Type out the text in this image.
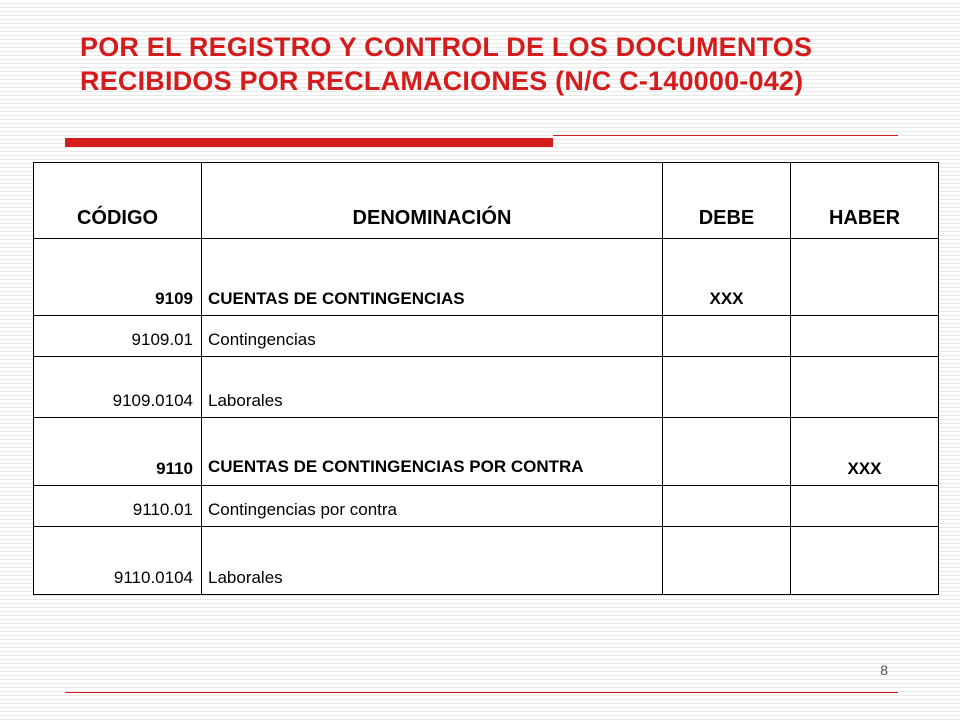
POR EL REGISTRO Y CONTROL DE LOS DOCUMENTOS
RECIBIDOS POR RECLAMACIONES (N/C C-140000-042)
CÓDIGO	DENOMINACIÓN	DEBE	HABER
9109	CUENTAS DE CONTINGENCIAS	XXX	
9109.01	Contingencias		
9109.0104	Laborales		
9110	CUENTAS DE CONTINGENCIAS POR CONTRA		XXX
9110.01	Contingencias por contra		
9110.0104	Laborales		
8
